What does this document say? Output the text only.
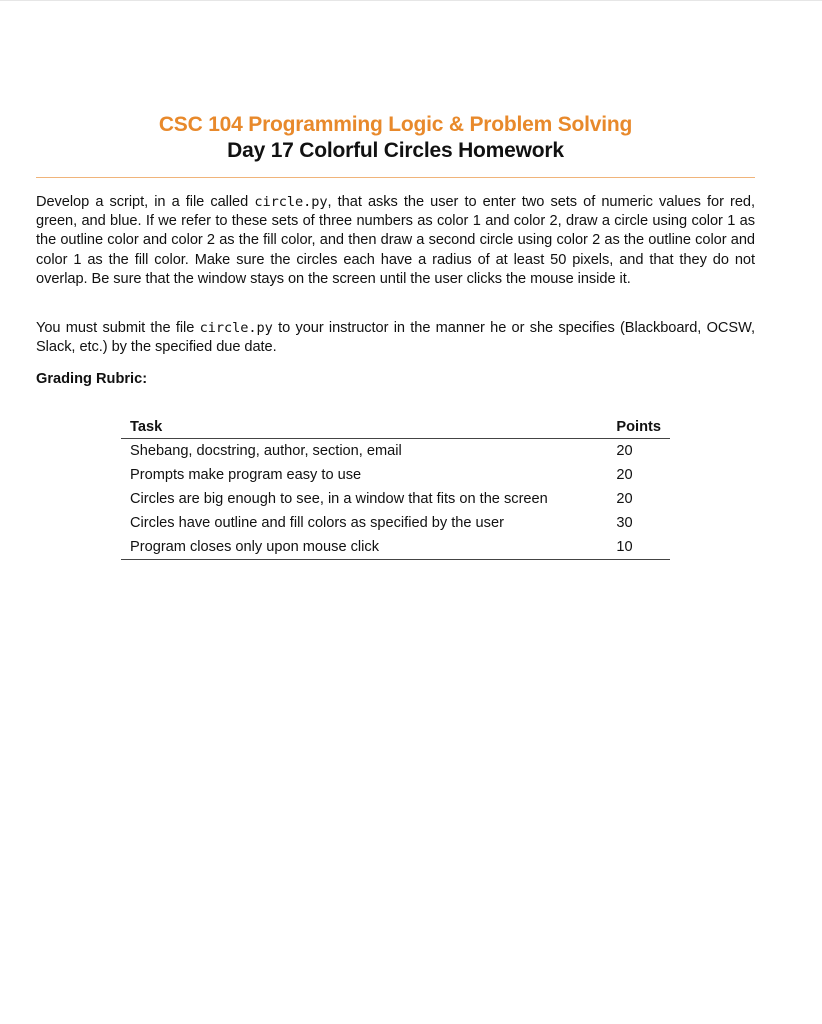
CSC 104 Programming Logic & Problem Solving
Day 17 Colorful Circles Homework

Develop a script, in a file called circle.py, that asks the user to enter two sets of numeric values for red, green, and blue. If we refer to these sets of three numbers as color 1 and color 2, draw a circle using color 1 as the outline color and color 2 as the fill color, and then draw a second circle using color 2 as the outline color and color 1 as the fill color. Make sure the circles each have a radius of at least 50 pixels, and that they do not overlap. Be sure that the window stays on the screen until the user clicks the mouse inside it.

You must submit the file circle.py to your instructor in the manner he or she specifies (Blackboard, OCSW, Slack, etc.) by the specified due date.

Grading Rubric:
Task	Points
Shebang, docstring, author, section, email	20
Prompts make program easy to use	20
Circles are big enough to see, in a window that fits on the screen	20
Circles have outline and fill colors as specified by the user	30
Program closes only upon mouse click	10
